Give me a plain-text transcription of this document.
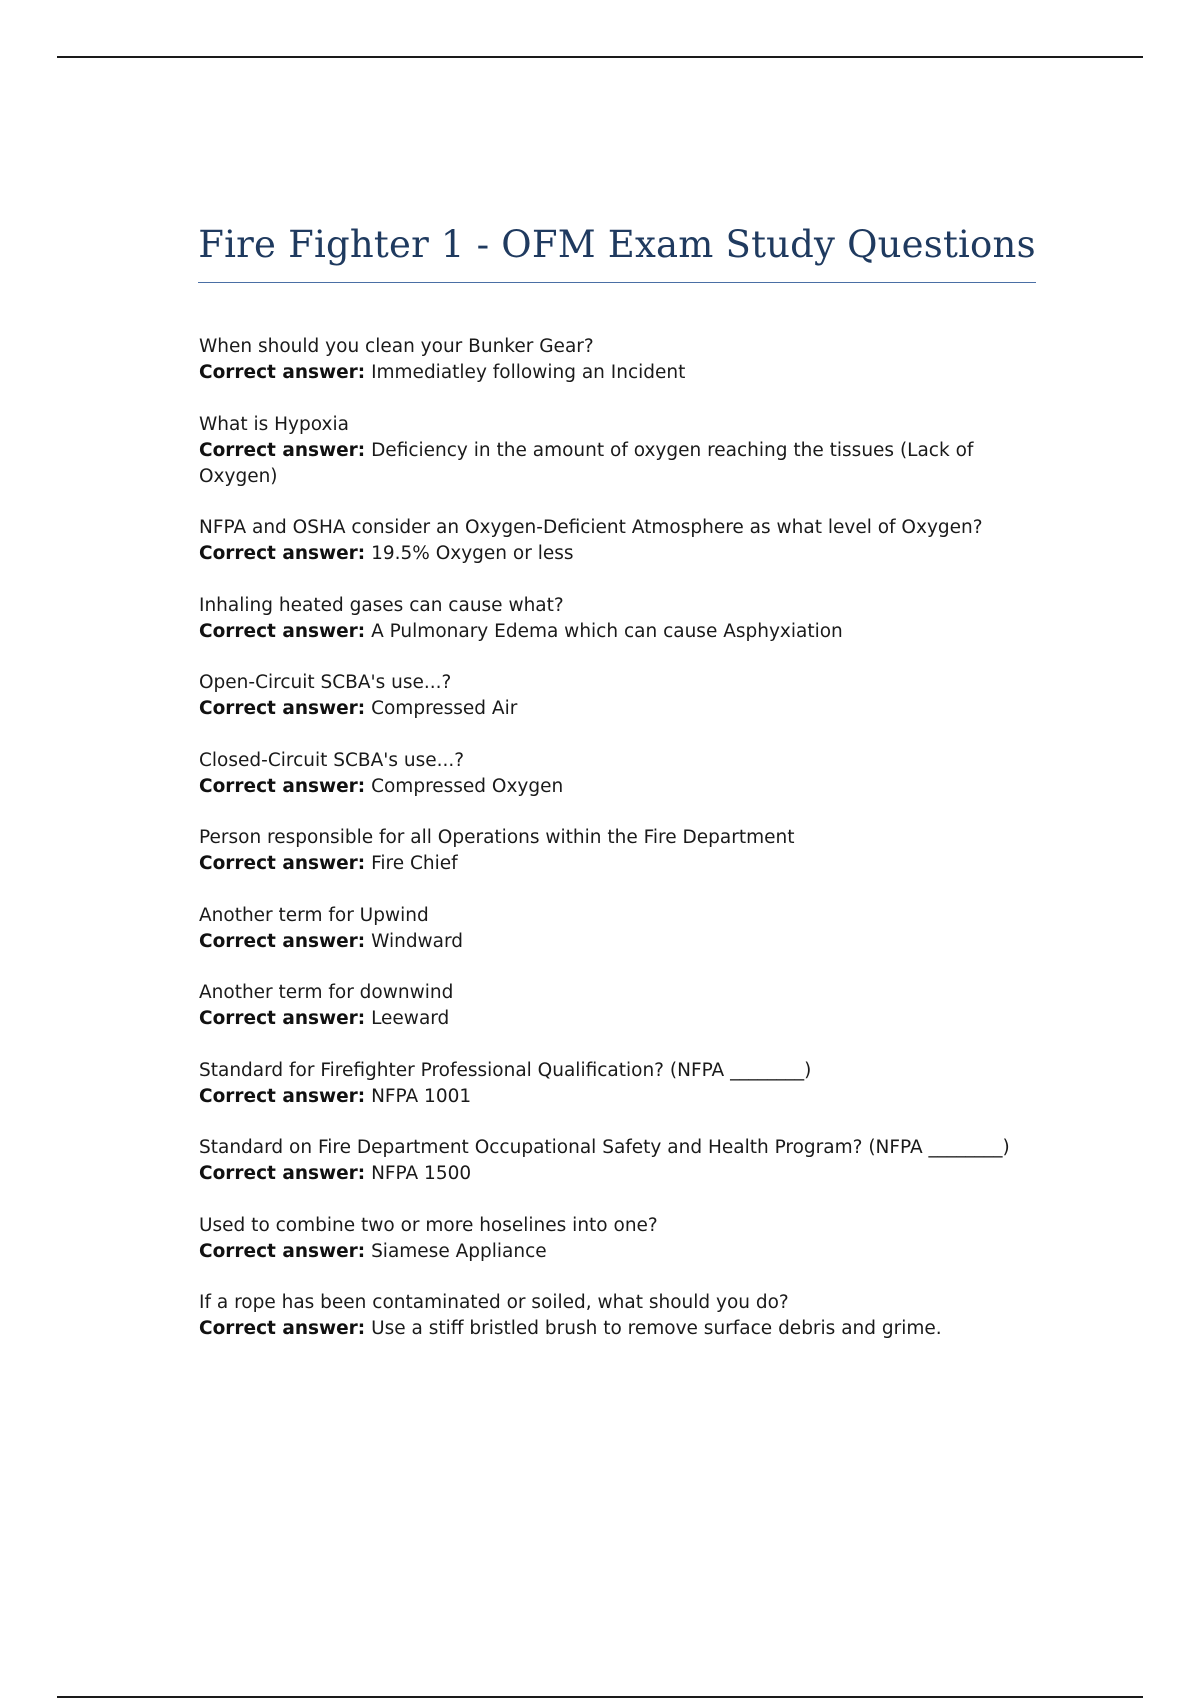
Fire Fighter 1 - OFM Exam Study Questions
When should you clean your Bunker Gear?
Correct answer: Immediatley following an Incident
What is Hypoxia
Correct answer: Deficiency in the amount of oxygen reaching the tissues (Lack of Oxygen)
NFPA and OSHA consider an Oxygen-Deficient Atmosphere as what level of Oxygen?
Correct answer: 19.5% Oxygen or less
Inhaling heated gases can cause what?
Correct answer: A Pulmonary Edema which can cause Asphyxiation
Open-Circuit SCBA's use...?
Correct answer: Compressed Air
Closed-Circuit SCBA's use...?
Correct answer: Compressed Oxygen
Person responsible for all Operations within the Fire Department
Correct answer: Fire Chief
Another term for Upwind
Correct answer: Windward
Another term for downwind
Correct answer: Leeward
Standard for Firefighter Professional Qualification? (NFPA ________)
Correct answer: NFPA 1001
Standard on Fire Department Occupational Safety and Health Program? (NFPA ________)
Correct answer: NFPA 1500
Used to combine two or more hoselines into one?
Correct answer: Siamese Appliance
If a rope has been contaminated or soiled, what should you do?
Correct answer: Use a stiff bristled brush to remove surface debris and grime.
